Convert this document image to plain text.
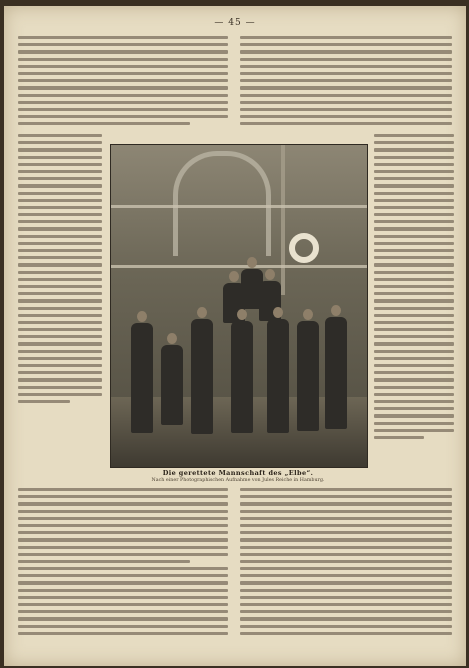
— 45 —
Die gerettete Mannschaft des „Elbe“.
Nach einer Photographischen Aufnahme von Jules Reiche in Hamburg.
